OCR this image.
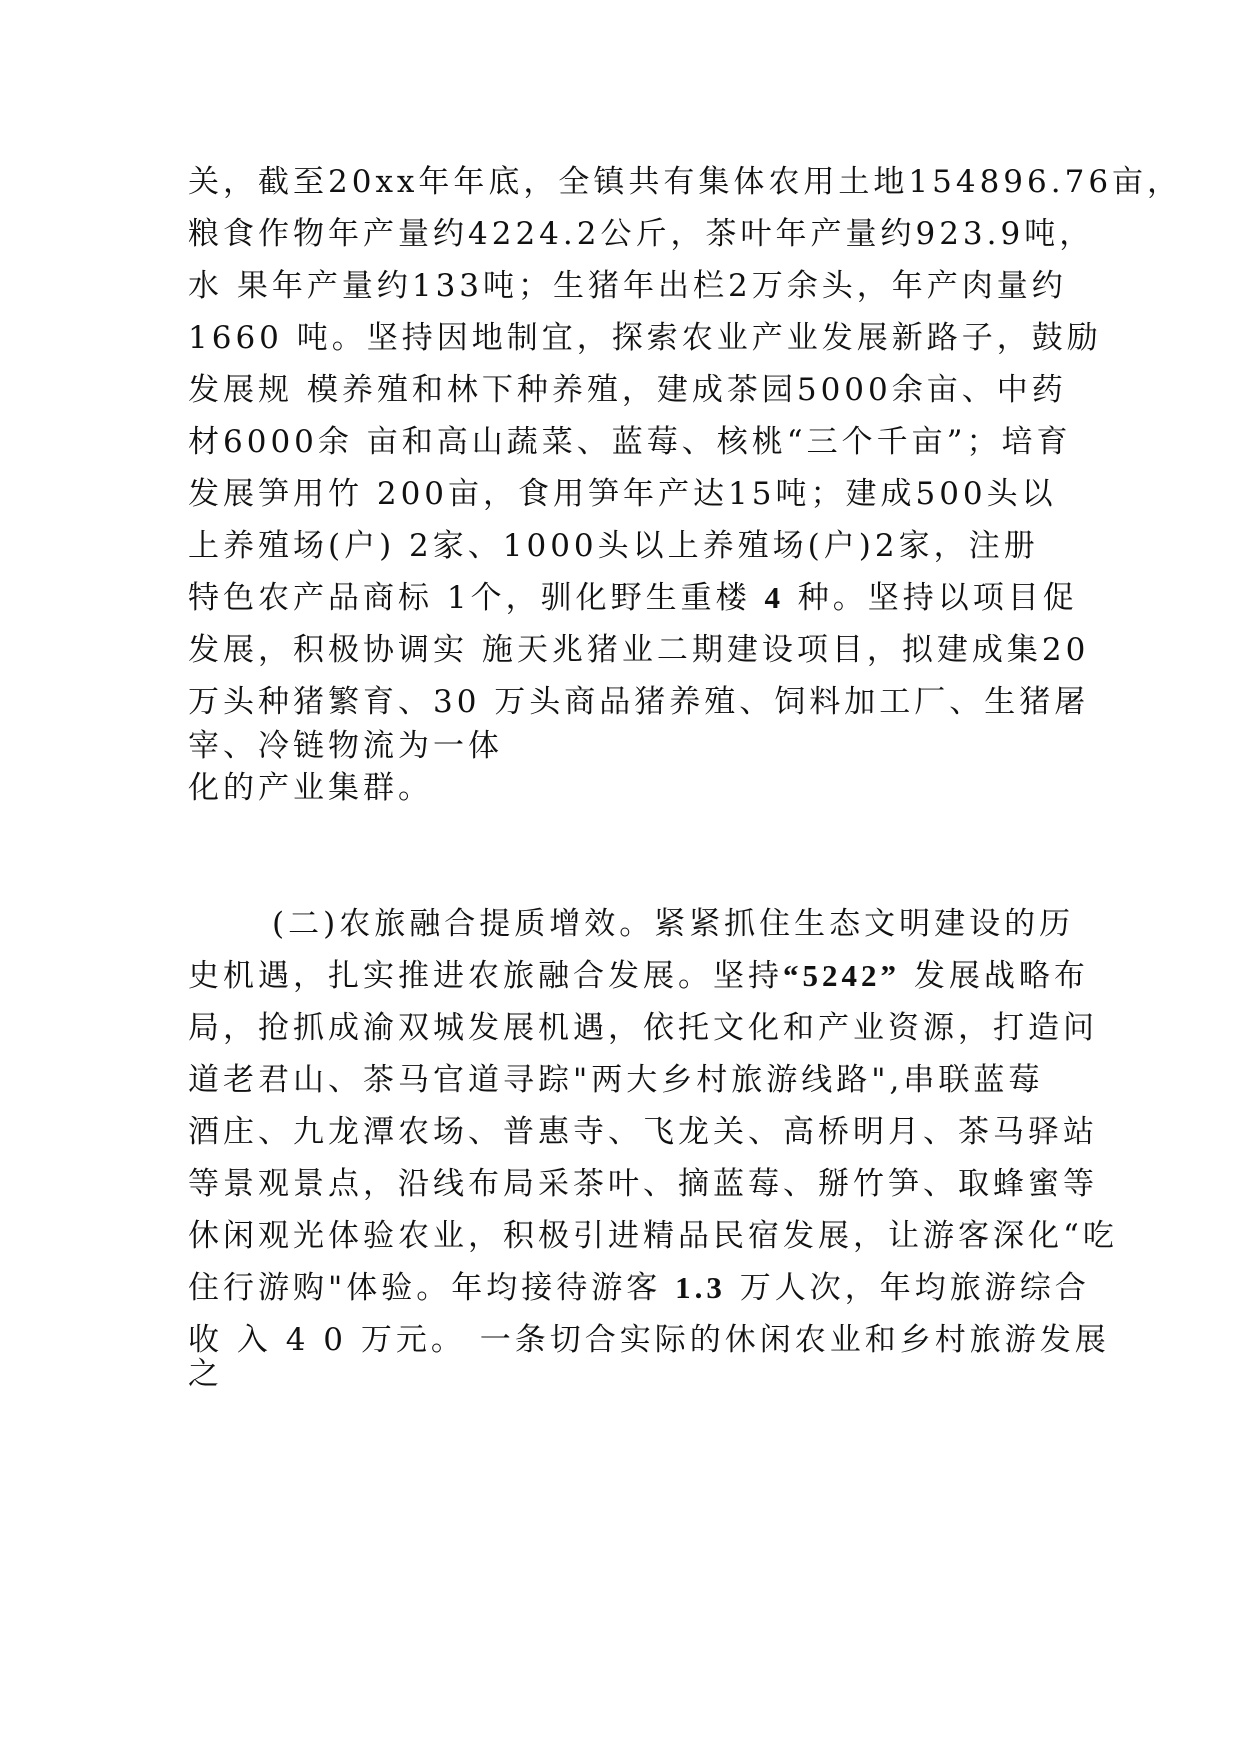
关，截至20xx年年底，全镇共有集体农用土地154896.76亩，
粮食作物年产量约4224.2公斤，茶叶年产量约923.9吨，
水 果年产量约133吨；生猪年出栏2万余头，年产肉量约
1660 吨。坚持因地制宜，探索农业产业发展新路子，鼓励
发展规 模养殖和林下种养殖，建成茶园5000余亩、中药
材6000余 亩和高山蔬菜、蓝莓、核桃“三个千亩”；培育
发展笋用竹 200亩，食用笋年产达15吨；建成500头以
上养殖场(户) 2家、1000头以上养殖场(户)2家，注册
特色农产品商标 1个，驯化野生重楼 4 种。坚持以项目促
发展，积极协调实 施天兆猪业二期建设项目，拟建成集20
万头种猪繁育、30 万头商品猪养殖、饲料加工厂、生猪屠
宰、冷链物流为一体
化的产业集群。
(二)农旅融合提质增效。紧紧抓住生态文明建设的历
史机遇，扎实推进农旅融合发展。坚持“5242” 发展战略布
局，抢抓成渝双城发展机遇，依托文化和产业资源，打造问
道老君山、茶马官道寻踪"两大乡村旅游线路",串联蓝莓
酒庄、九龙潭农场、普惠寺、飞龙关、高桥明月、茶马驿站
等景观景点，沿线布局采茶叶、摘蓝莓、掰竹笋、取蜂蜜等
休闲观光体验农业，积极引进精品民宿发展，让游客深化“吃
住行游购"体验。年均接待游客 1.3 万人次，年均旅游综合
收 入 4 0 万元。 一条切合实际的休闲农业和乡村旅游发展
之
